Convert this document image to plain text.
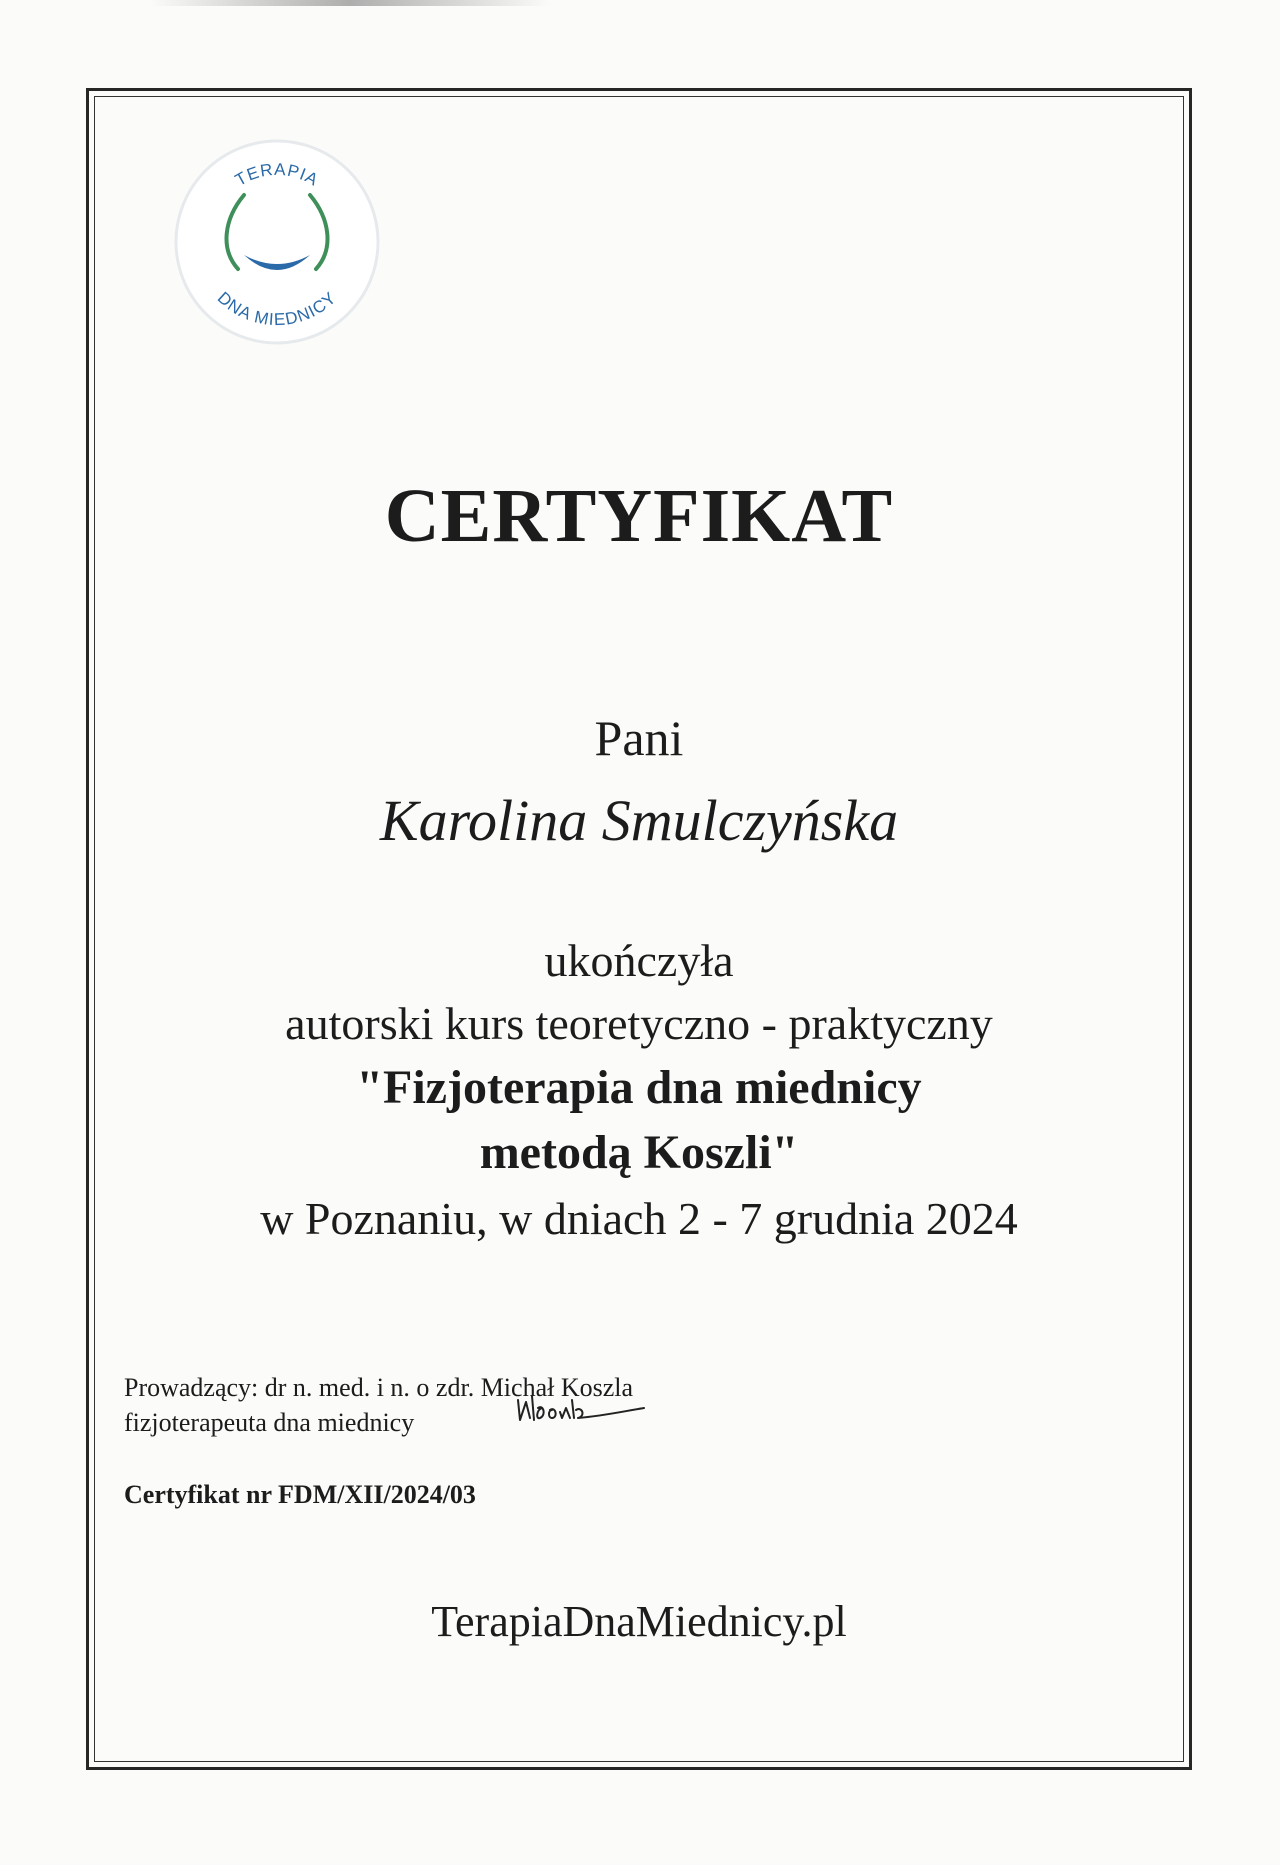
TERAPIA
DNA MIEDNICY
CERTYFIKAT
Pani
Karolina Smulczyńska
ukończyła
autorski kurs teoretyczno - praktyczny
"Fizjoterapia dna miednicy
metodą Koszli"
w Poznaniu, w dniach 2 - 7 grudnia 2024
Prowadzący: dr n. med. i n. o zdr. Michał Koszla
fizjoterapeuta dna miednicy
Certyfikat nr FDM/XII/2024/03
TerapiaDnaMiednicy.pl
